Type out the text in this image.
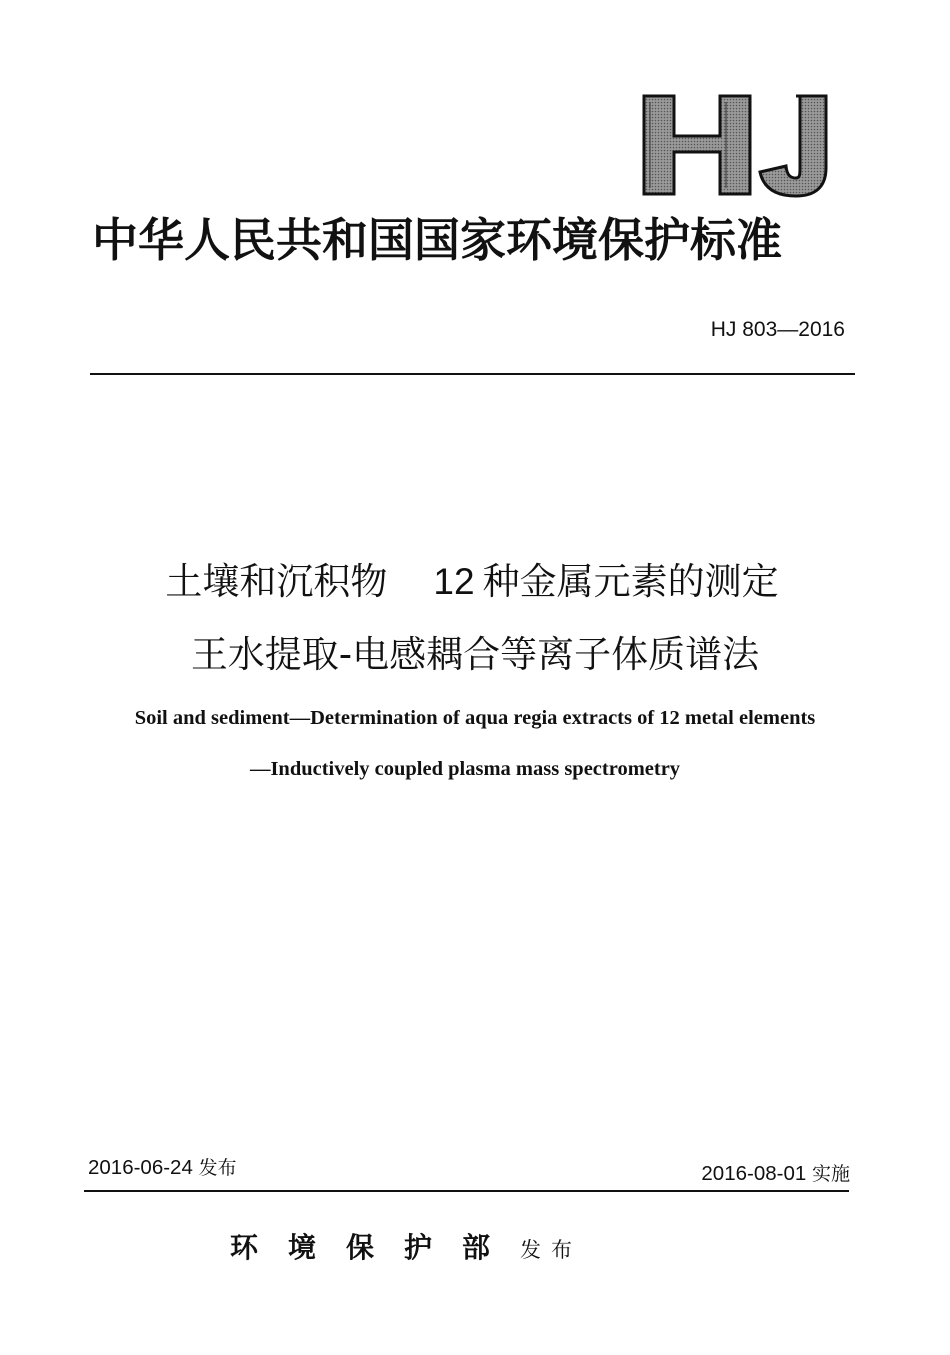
中华人民共和国国家环境保护标准
HJ 803—2016
土壤和沉积物 12 种金属元素的测定
王水提取-电感耦合等离子体质谱法
Soil and sediment—Determination of aqua regia extracts of 12 metal elements
—Inductively coupled plasma mass spectrometry
2016-06-24 发布	2016-08-01 实施
环境保护部发布
